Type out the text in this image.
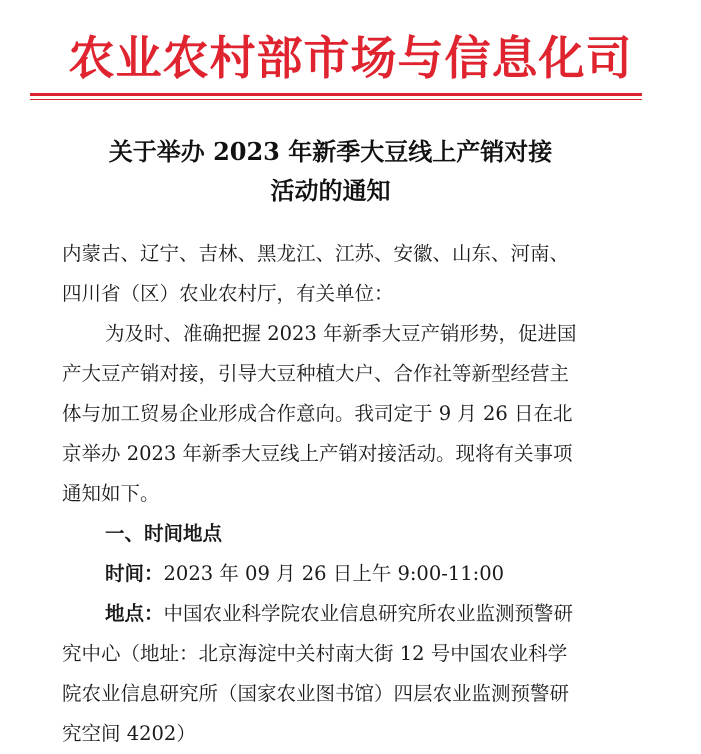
农业农村部市场与信息化司
关于举办 2023 年新季大豆线上产销对接
活动的通知
内蒙古、辽宁、吉林、黑龙江、江苏、安徽、山东、河南、
四川省（区）农业农村厅，有关单位：
为及时、准确把握 2023 年新季大豆产销形势，促进国
产大豆产销对接，引导大豆种植大户、合作社等新型经营主
体与加工贸易企业形成合作意向。我司定于 9 月 26 日在北
京举办 2023 年新季大豆线上产销对接活动。现将有关事项
通知如下。
一、时间地点
时间：2023 年 09 月 26 日上午 9:00-11:00
地点：中国农业科学院农业信息研究所农业监测预警研
究中心（地址：北京海淀中关村南大街 12 号中国农业科学
院农业信息研究所（国家农业图书馆）四层农业监测预警研
究空间 4202）
